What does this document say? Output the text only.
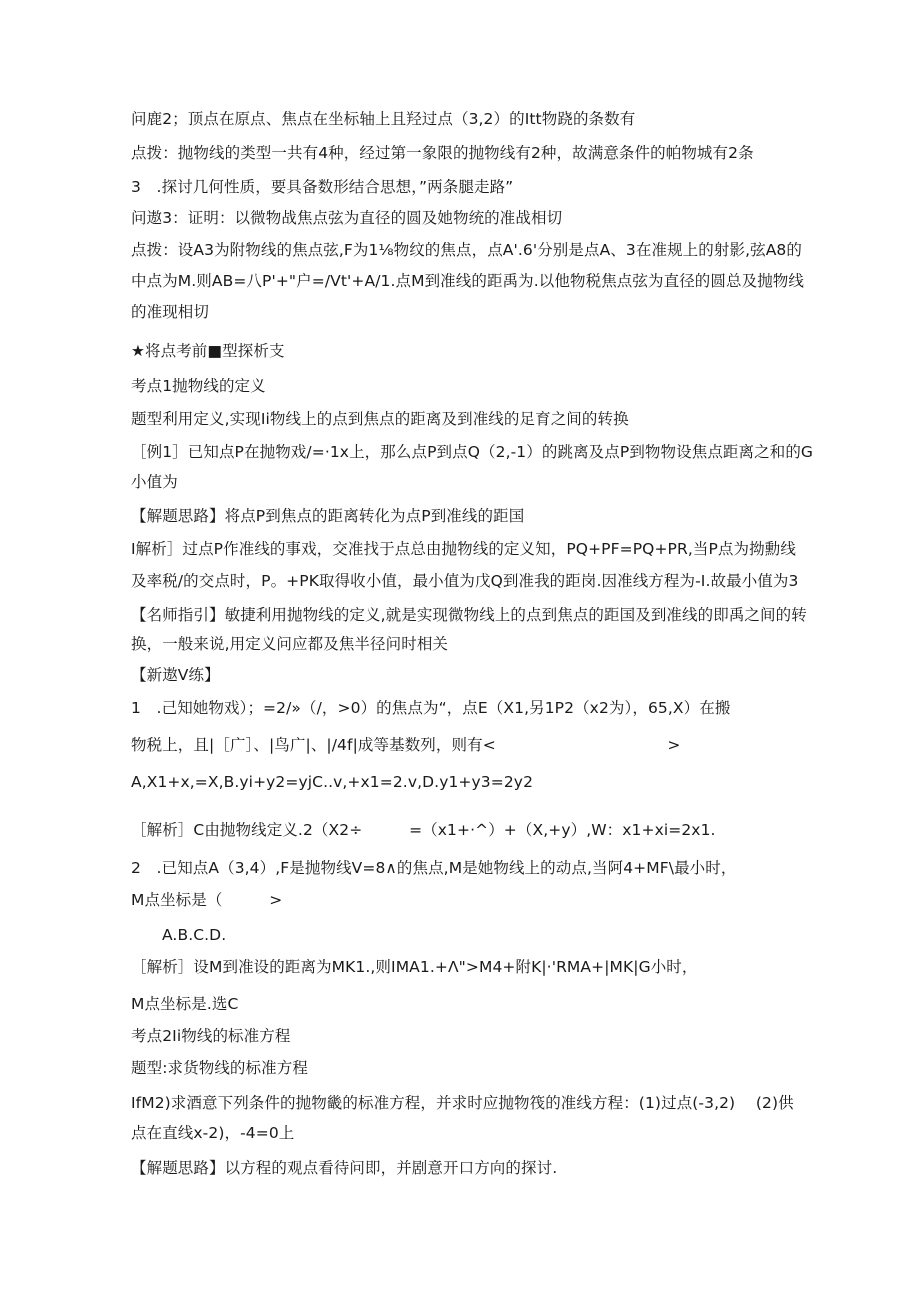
问鹿2；顶点在原点、焦点在坐标轴上且羟过点（3,2）的Itt物跷的条数有
点拨：抛物线的类型一共有4种，经过第一象限的抛物线有2种，故满意条件的帕物城有2条
3　.探讨几何性质，要具备数形结合思想，”两条腿走路”
问遨3：证明：以微物战焦点弦为直径的圆及她物统的准战相切
点拨：设A3为附物线的焦点弦,F为1⅛物纹的焦点，点A'.6'分别是点A、3在准规上的射影,弦A8的
中点为M.则AB=八P'+"户=/Vt'+A/1.点M到准线的距禹为.以他物税焦点弦为直径的圆总及抛物线
的准现相切
★将点考前■型探析支
考点1抛物线的定义
题型利用定义,实现Ii物线上的点到焦点的距离及到准线的足育之间的转换
［例1］已知点P在抛物戏/=·1x上，那么点P到点Q（2,-1）的跳离及点P到物物设焦点距离之和的G
小值为
【解题思路】将点P到焦点的距离转化为点P到准线的距国
I解析］过点P作准线的事戏，交准找于点总由抛物线的定义知，PQ+PF=PQ+PR,当P点为拗勳线
及率税/的交点时，P。+PK取得收小值，最小值为戊Q到准我的距岗.因准线方程为-I.故最小值为3
【名师指引】敏捷利用抛物线的定义,就是实现微物线上的点到焦点的距国及到准线的即禹之间的转
换，一般来说,用定义问应都及焦半径问时相关
【新遨V练】
1　.己知她物戏）；=2/»（/，>0）的焦点为“，点E（X1,另1P2（x2为），65,X）在搬
物税上，且|［广］、|鸟广|、|/4f|成等基数列，则有<　　　　　　　　　　　>
A,X1+x,=X,B.yi+y2=yjC..v,+x1=2.v,D.y1+y3=2y2
［解析］C由抛物线定义.2（X2÷　　　=（x1+·^）+（X,+y）,W：x1+xi=2x1.
2　.已知点A（3,4）,F是抛物线V=8∧的焦点,M是她物线上的动点,当阿4+MF\最小时，
M点坐标是（　　　>
A.B.C.D.
［解析］设M到准设的距离为MK1.,则IMA1.+Λ">M4+附K|·'RMA+|MK|G小时，
M点坐标是.选C
考点2Ii物线的标准方程
题型:求货物线的标准方程
IfM2)求酒意下列条件的抛物畿的标准方程，并求时应抛物筏的准线方程：(1)过点(-3,2)　 (2)供
点在直线x-2)，-4=0上
【解题思路】以方程的观点看待问即，并剧意开口方向的探讨.
